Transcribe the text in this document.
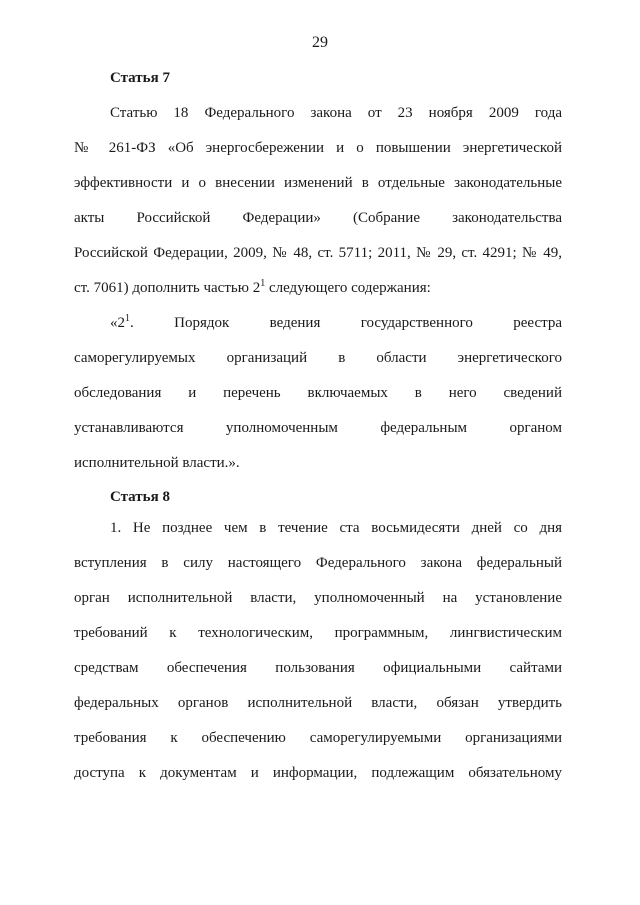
29
Статья 7
Статью 18 Федерального закона от 23 ноября 2009 года
№ 261-ФЗ «Об энергосбережении и о повышении энергетической
эффективности и о внесении изменений в отдельные законодательные
акты Российской Федерации» (Собрание законодательства
Российской Федерации, 2009, № 48, ст. 5711; 2011, № 29, ст. 4291; № 49,
ст. 7061) дополнить частью $2^1$ следующего содержания:
«$2^1$. Порядок ведения государственного реестра
саморегулируемых организаций в области энергетического
обследования и перечень включаемых в него сведений
устанавливаются уполномоченным федеральным органом
исполнительной власти.».
Статья 8
1. Не позднее чем в течение ста восьмидесяти дней со дня
вступления в силу настоящего Федерального закона федеральный
орган исполнительной власти, уполномоченный на установление
требований к технологическим, программным, лингвистическим
средствам обеспечения пользования официальными сайтами
федеральных органов исполнительной власти, обязан утвердить
требования к обеспечению саморегулируемыми организациями
доступа к документам и информации, подлежащим обязательному
